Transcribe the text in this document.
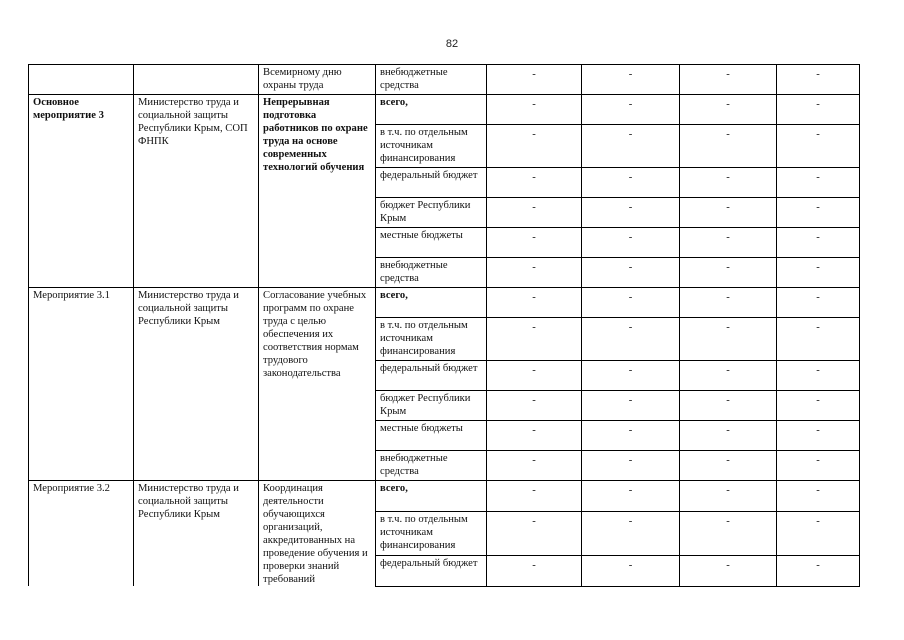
82
		Всемирному дню охраны труда	внебюджетные средства	-	-	-	-
Основное мероприятие 3	Министерство труда и социальной защиты Республики Крым, СОП ФНПК	Непрерывная подготовка работников по охране труда на основе современных технологий обучения	всего,	-	-	-	-
			в т.ч. по отдельным источникам финансирования	-	-	-	-
			федеральный бюджет	-	-	-	-
			бюджет Республики Крым	-	-	-	-
			местные бюджеты	-	-	-	-
			внебюджетные средства	-	-	-	-
Мероприятие 3.1	Министерство труда и социальной защиты Республики Крым	Согласование учебных программ по охране труда с целью обеспечения их соответствия нормам трудового законодательства	всего,	-	-	-	-
			в т.ч. по отдельным источникам финансирования	-	-	-	-
			федеральный бюджет	-	-	-	-
			бюджет Республики Крым	-	-	-	-
			местные бюджеты	-	-	-	-
			внебюджетные средства	-	-	-	-
Мероприятие 3.2	Министерство труда и социальной защиты Республики Крым	Координация деятельности обучающихся организаций, аккредитованных на проведение обучения и проверки знаний требований	всего,	-	-	-	-
			в т.ч. по отдельным источникам финансирования	-	-	-	-
			федеральный бюджет	-	-	-	-
